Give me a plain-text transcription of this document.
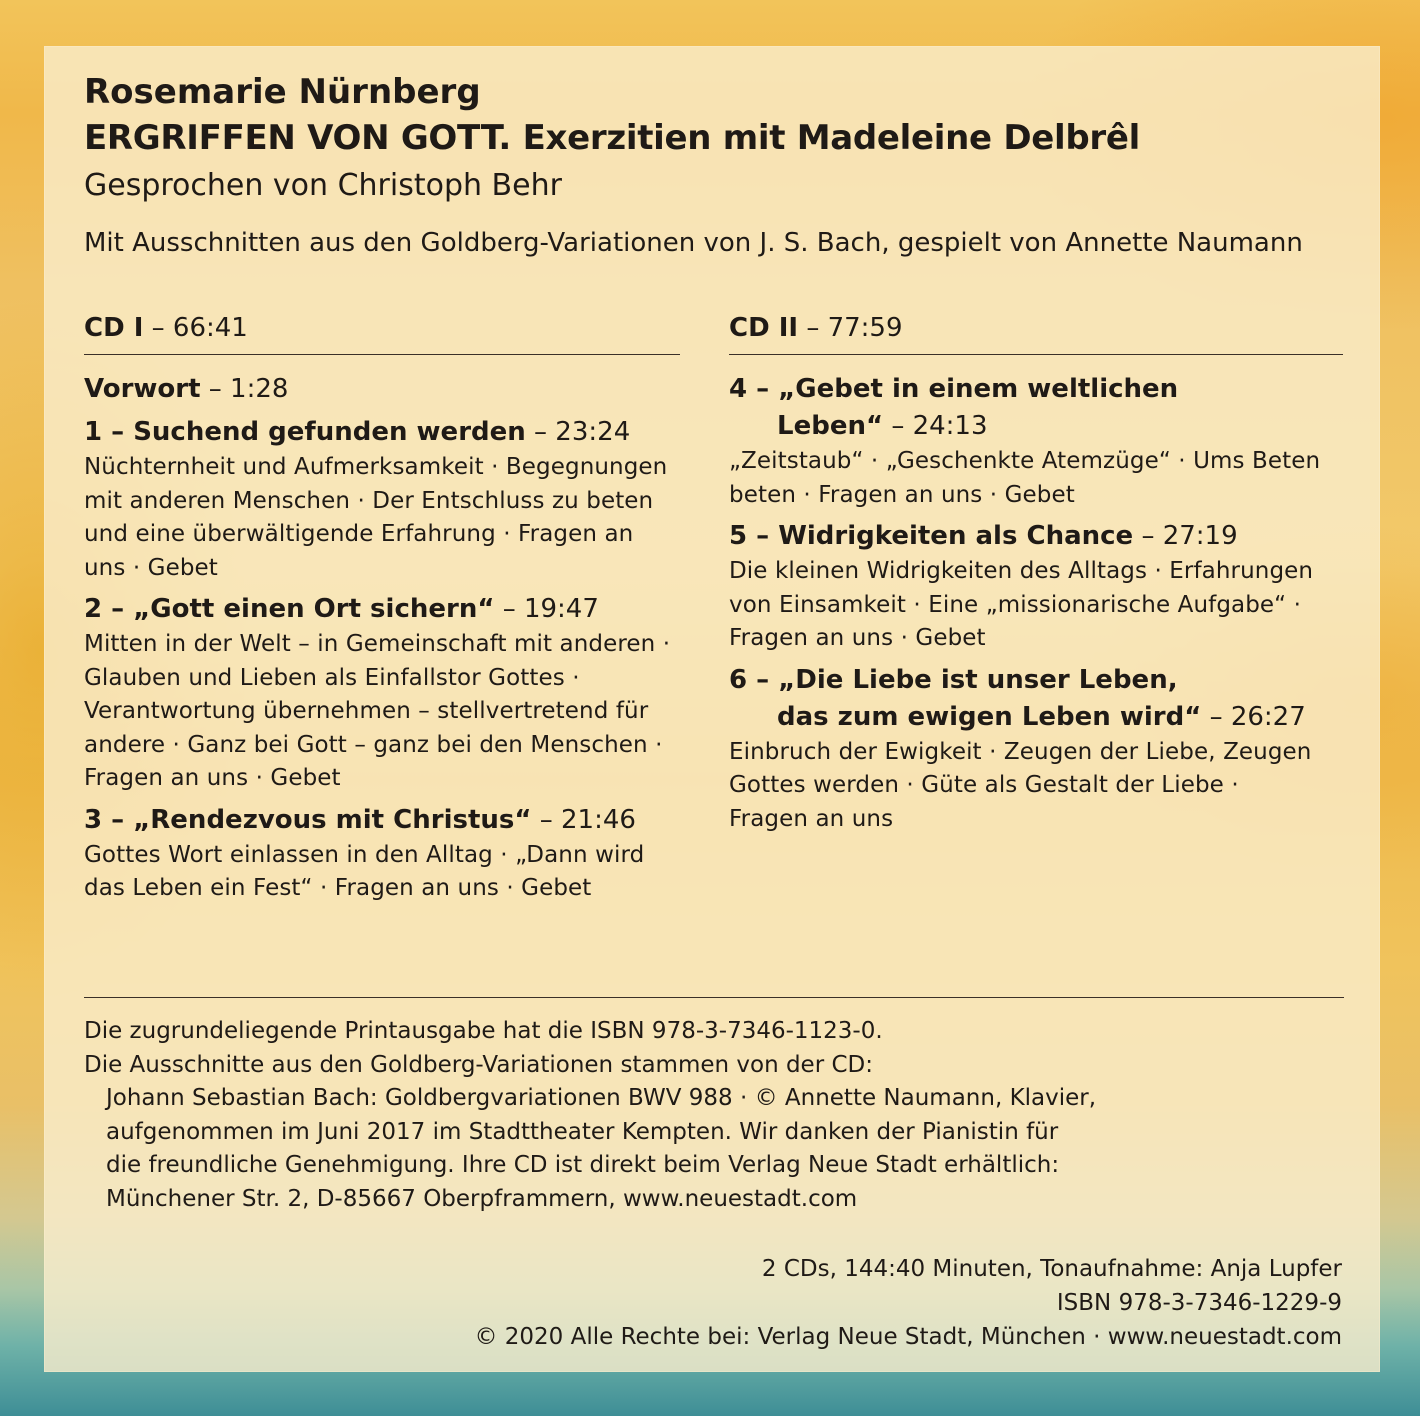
Rosemarie Nürnberg
ERGRIFFEN VON GOTT. Exerzitien mit Madeleine Delbrêl
Gesprochen von Christoph Behr
Mit Ausschnitten aus den Goldberg-Variationen von J. S. Bach, gespielt von Annette Naumann
CD I – 66:41
Vorwort – 1:28
1 – Suchend gefunden werden – 23:24
Nüchternheit und Aufmerksamkeit · Begegnungen
mit anderen Menschen · Der Entschluss zu beten
und eine überwältigende Erfahrung · Fragen an
uns · Gebet
2 – „Gott einen Ort sichern“ – 19:47
Mitten in der Welt – in Gemeinschaft mit anderen ·
Glauben und Lieben als Einfallstor Gottes ·
Verantwortung übernehmen – stellvertretend für
andere · Ganz bei Gott – ganz bei den Menschen ·
Fragen an uns · Gebet
3 – „Rendezvous mit Christus“ – 21:46
Gottes Wort einlassen in den Alltag · „Dann wird
das Leben ein Fest“ · Fragen an uns · Gebet
CD II – 77:59
4 – „Gebet in einem weltlichen
Leben“ – 24:13
„Zeitstaub“ · „Geschenkte Atemzüge“ · Ums Beten
beten · Fragen an uns · Gebet
5 – Widrigkeiten als Chance – 27:19
Die kleinen Widrigkeiten des Alltags · Erfahrungen
von Einsamkeit · Eine „missionarische Aufgabe“ ·
Fragen an uns · Gebet
6 – „Die Liebe ist unser Leben,
das zum ewigen Leben wird“ – 26:27
Einbruch der Ewigkeit · Zeugen der Liebe, Zeugen
Gottes werden · Güte als Gestalt der Liebe ·
Fragen an uns
Die zugrundeliegende Printausgabe hat die ISBN 978-3-7346-1123-0.
Die Ausschnitte aus den Goldberg-Variationen stammen von der CD:
Johann Sebastian Bach: Goldbergvariationen BWV 988 · © Annette Naumann, Klavier,
aufgenommen im Juni 2017 im Stadttheater Kempten. Wir danken der Pianistin für
die freundliche Genehmigung. Ihre CD ist direkt beim Verlag Neue Stadt erhältlich:
Münchener Str. 2, D-85667 Oberpframmern, www.neuestadt.com
2 CDs, 144:40 Minuten, Tonaufnahme: Anja Lupfer
ISBN 978-3-7346-1229-9
© 2020 Alle Rechte bei: Verlag Neue Stadt, München · www.neuestadt.com
